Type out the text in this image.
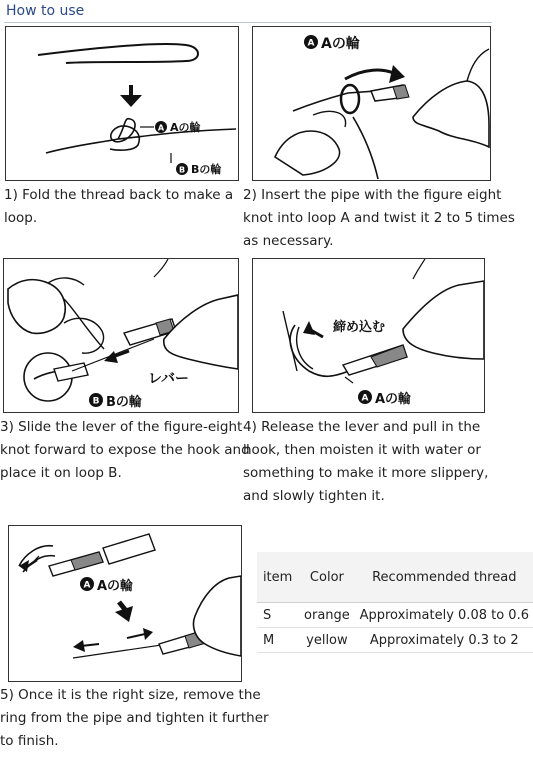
How to use
A Aの輪
B Bの輪
A Aの輪
1) Fold the thread back to make a
loop.
2) Insert the pipe with the figure eight
knot into loop A and twist it 2 to 5 times
as necessary.
レバー
B Bの輪
締め込む
A Aの輪
3) Slide the lever of the figure-eight
knot forward to expose the hook and
place it on loop B.
4) Release the lever and pull in the
hook, then moisten it with water or
something to make it more slippery,
and slowly tighten it.
A Aの輪
5) Once it is the right size, remove the
ring from the pipe and tighten it further
to finish.
item	Color	Recommended thread
S	orange	Approximately 0.08 to 0.6
M	yellow	Approximately 0.3 to 2
